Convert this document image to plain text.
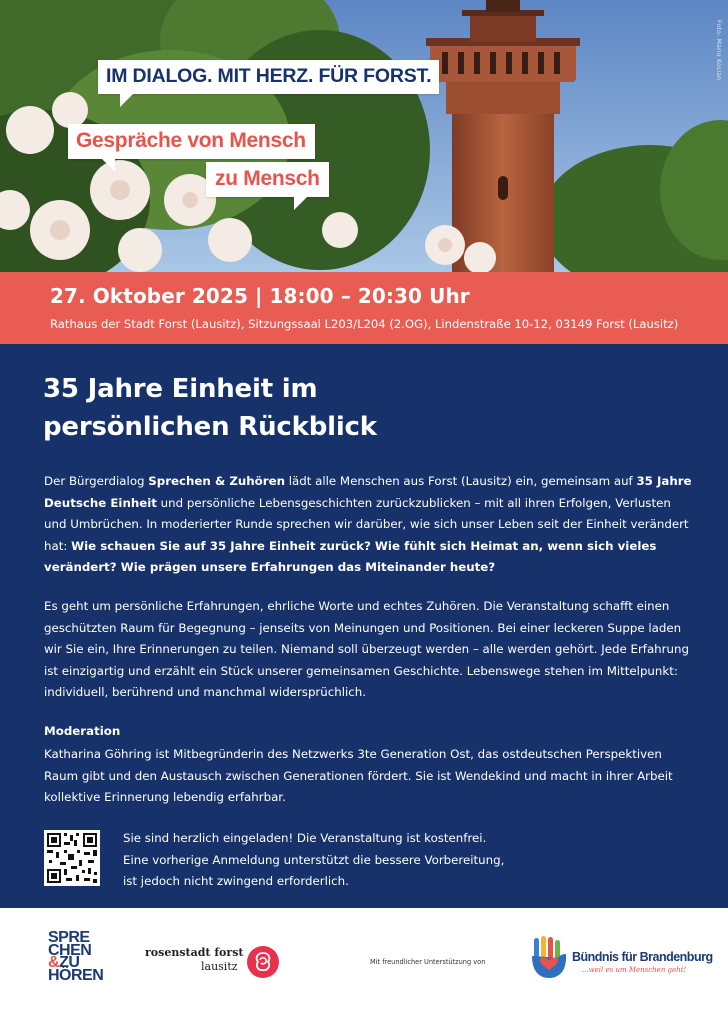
Foto: Mario Kosian
IM DIALOG. MIT HERZ. FÜR FORST.
Gespräche von Mensch
zu Mensch
27. Oktober 2025 | 18:00 – 20:30 Uhr
Rathaus der Stadt Forst (Lausitz), Sitzungssaal L203/L204 (2.OG), Lindenstraße 10-12, 03149 Forst (Lausitz)
35 Jahre Einheit im
persönlichen Rückblick

Der Bürgerdialog Sprechen & Zuhören lädt alle Menschen aus Forst (Lausitz) ein, gemeinsam auf 35 Jahre Deutsche Einheit und persönliche Lebensgeschichten zurückzublicken – mit all ihren Erfolgen, Verlusten und Umbrüchen. In moderierter Runde sprechen wir darüber, wie sich unser Leben seit der Einheit verändert hat: Wie schauen Sie auf 35 Jahre Einheit zurück? Wie fühlt sich Heimat an, wenn sich vieles verändert? Wie prägen unsere Erfahrungen das Miteinander heute?

Es geht um persönliche Erfahrungen, ehrliche Worte und echtes Zuhören. Die Veranstaltung schafft einen geschützten Raum für Begegnung – jenseits von Meinungen und Positionen. Bei einer leckeren Suppe laden wir Sie ein, Ihre Erinnerungen zu teilen. Niemand soll überzeugt werden – alle werden gehört. Jede Erfahrung ist einzigartig und erzählt ein Stück unserer gemeinsamen Geschichte. Lebenswege stehen im Mittelpunkt: individuell, berührend und manchmal widersprüchlich.

Moderation

Katharina Göhring ist Mitbegründerin des Netzwerks 3te Generation Ost, das ostdeutschen Perspektiven Raum gibt und den Austausch zwischen Generationen fördert. Sie ist Wendekind und macht in ihrer Arbeit kollektive Erinnerung lebendig erfahrbar.

Sie sind herzlich eingeladen! Die Veranstaltung ist kostenfrei.
Eine vorherige Anmeldung unterstützt die bessere Vorbereitung,
ist jedoch nicht zwingend erforderlich.
SPRE
CHEN
&ZU
HÖREN
rosenstadt forst
lausitz	Mit freundlicher Unterstützung von	Bündnis für Brandenburg
...weil es um Menschen geht!
